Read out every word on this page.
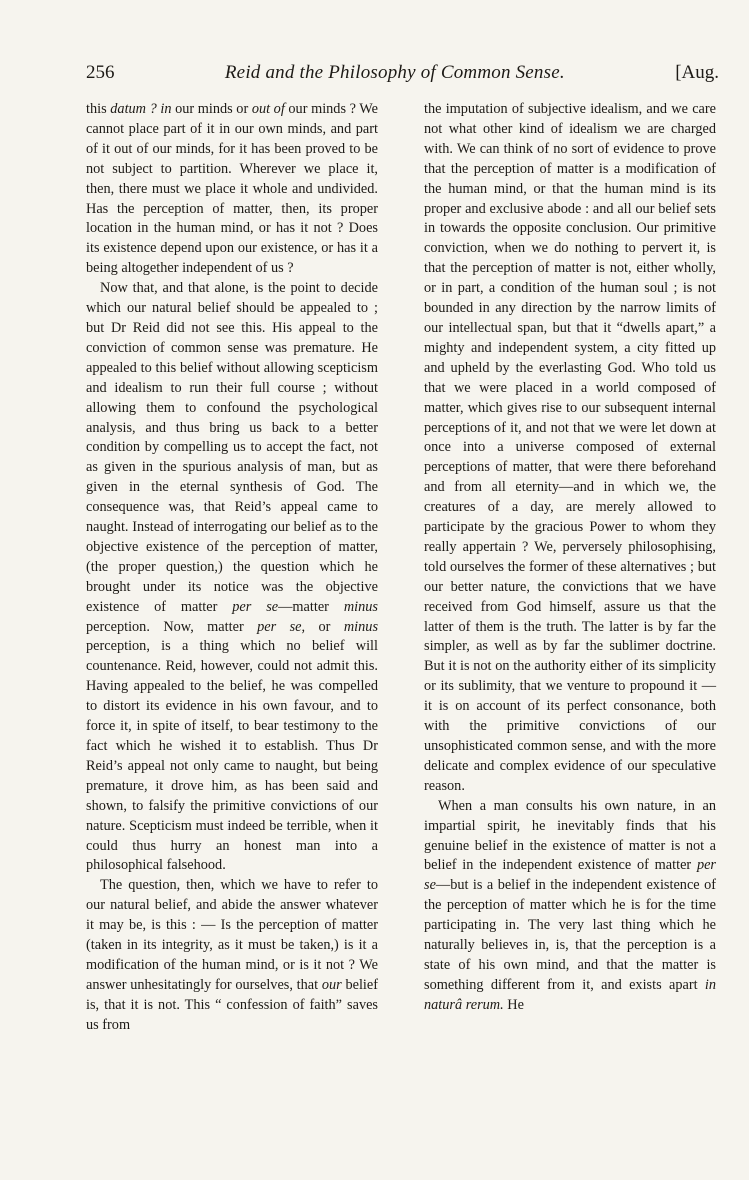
256	Reid and the Philosophy of Common Sense.	[Aug.

this datum ? in our minds or out of our minds ? We cannot place part of it in our own minds, and part of it out of our minds, for it has been proved to be not subject to partition. Wherever we place it, then, there must we place it whole and undivided. Has the perception of matter, then, its proper location in the human mind, or has it not ? Does its existence depend upon our existence, or has it a being altogether independent of us ?

Now that, and that alone, is the point to decide which our natural belief should be appealed to ; but Dr Reid did not see this. His appeal to the conviction of common sense was premature. He appealed to this belief without allowing scepticism and idealism to run their full course ; without allowing them to confound the psychological analysis, and thus bring us back to a better condition by compelling us to accept the fact, not as given in the spurious analysis of man, but as given in the eternal synthesis of God. The consequence was, that Reid’s appeal came to naught. Instead of interrogating our belief as to the objective existence of the perception of matter, (the proper question,) the question which he brought under its notice was the objective existence of matter per se—matter minus perception. Now, matter per se, or minus perception, is a thing which no belief will countenance. Reid, however, could not admit this. Having appealed to the belief, he was compelled to distort its evidence in his own favour, and to force it, in spite of itself, to bear testimony to the fact which he wished it to establish. Thus Dr Reid’s appeal not only came to naught, but being premature, it drove him, as has been said and shown, to falsify the primitive convictions of our nature. Scepticism must indeed be terrible, when it could thus hurry an honest man into a philosophical falsehood.

The question, then, which we have to refer to our natural belief, and abide the answer whatever it may be, is this : — Is the perception of matter (taken in its integrity, as it must be taken,) is it a modification of the human mind, or is it not ? We answer unhesitatingly for ourselves, that our belief is, that it is not. This “ confession of faith” saves us from

the imputation of subjective idealism, and we care not what other kind of idealism we are charged with. We can think of no sort of evidence to prove that the perception of matter is a modification of the human mind, or that the human mind is its proper and exclusive abode : and all our belief sets in towards the opposite conclusion. Our primitive conviction, when we do nothing to pervert it, is that the perception of matter is not, either wholly, or in part, a condition of the human soul ; is not bounded in any direction by the narrow limits of our intellectual span, but that it “dwells apart,” a mighty and independent system, a city fitted up and upheld by the everlasting God. Who told us that we were placed in a world composed of matter, which gives rise to our subsequent internal perceptions of it, and not that we were let down at once into a universe composed of external perceptions of matter, that were there beforehand and from all eternity—and in which we, the creatures of a day, are merely allowed to participate by the gracious Power to whom they really appertain ? We, perversely philosophising, told ourselves the former of these alternatives ; but our better nature, the convictions that we have received from God himself, assure us that the latter of them is the truth. The latter is by far the simpler, as well as by far the sublimer doctrine. But it is not on the authority either of its simplicity or its sublimity, that we venture to propound it — it is on account of its perfect consonance, both with the primitive convictions of our unsophisticated common sense, and with the more delicate and complex evidence of our speculative reason.

When a man consults his own nature, in an impartial spirit, he inevitably finds that his genuine belief in the existence of matter is not a belief in the independent existence of matter per se—but is a belief in the independent existence of the perception of matter which he is for the time participating in. The very last thing which he naturally believes in, is, that the perception is a state of his own mind, and that the matter is something different from it, and exists apart in naturâ rerum. He
